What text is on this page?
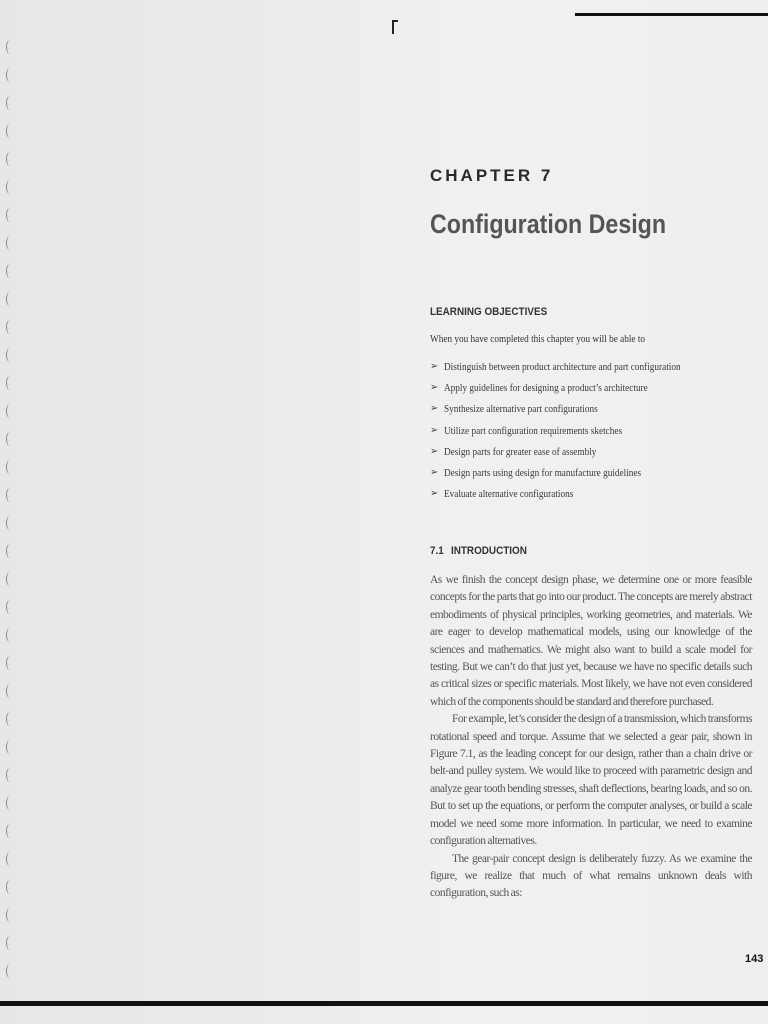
CHAPTER 7
Configuration Design
LEARNING OBJECTIVES

When you have completed this chapter you will be able to

➢ Distinguish between product architecture and part configuration
➢ Apply guidelines for designing a product’s architecture
➢ Synthesize alternative part configurations
➢ Utilize part configuration requirements sketches
➢ Design parts for greater ease of assembly
➢ Design parts using design for manufacture guidelines
➢ Evaluate alternative configurations
7.1 INTRODUCTION

As we finish the concept design phase, we determine one or more feasible concepts for the parts that go into our product. The concepts are merely abstract embodiments of physical principles, working geometries, and materials. We are eager to develop mathematical models, using our knowledge of the sciences and mathematics. We might also want to build a scale model for testing. But we can’t do that just yet, because we have no specific details such as critical sizes or specific materials. Most likely, we have not even considered which of the components should be standard and therefore purchased.

For example, let’s consider the design of a transmission, which transforms rotational speed and torque. Assume that we selected a gear pair, shown in Figure 7.1, as the leading concept for our design, rather than a chain drive or belt-and pulley system. We would like to proceed with parametric design and analyze gear tooth bending stresses, shaft deflections, bearing loads, and so on. But to set up the equations, or perform the computer analyses, or build a scale model we need some more information. In particular, we need to examine configuration alternatives.

The gear-pair concept design is deliberately fuzzy. As we examine the figure, we realize that much of what remains unknown deals with configuration, such as:

143
